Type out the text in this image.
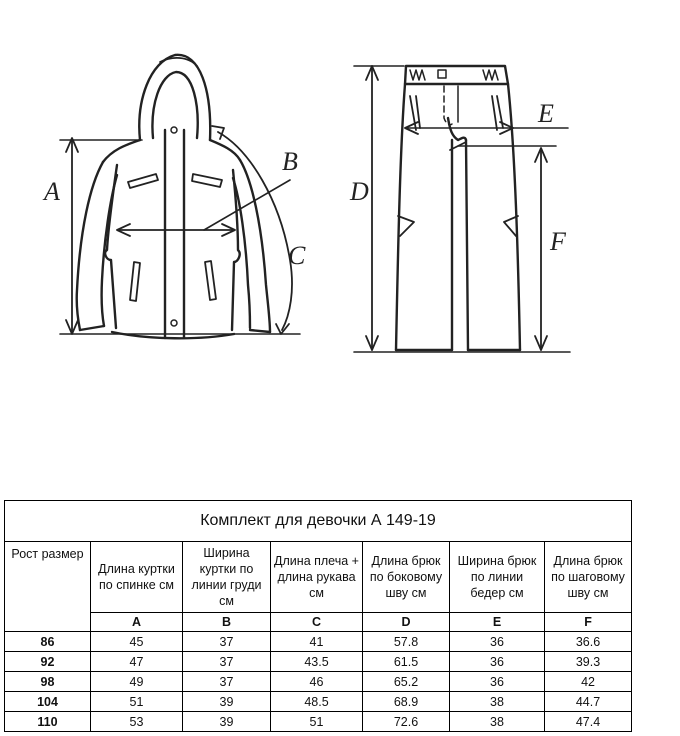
A
B
C
D
E
F
Комплект для девочки А 149-19						
Рост размер	Длина куртки по спинке см	Ширина куртки по линии груди см	Длина плеча + длина рукава см	Длина брюк по боковому шву см	Ширина брюк по линии бедер см	Длина брюк по шаговому шву см
	A	B	C	D	E	F
86	45	37	41	57.8	36	36.6
92	47	37	43.5	61.5	36	39.3
98	49	37	46	65.2	36	42
104	51	39	48.5	68.9	38	44.7
110	53	39	51	72.6	38	47.4
